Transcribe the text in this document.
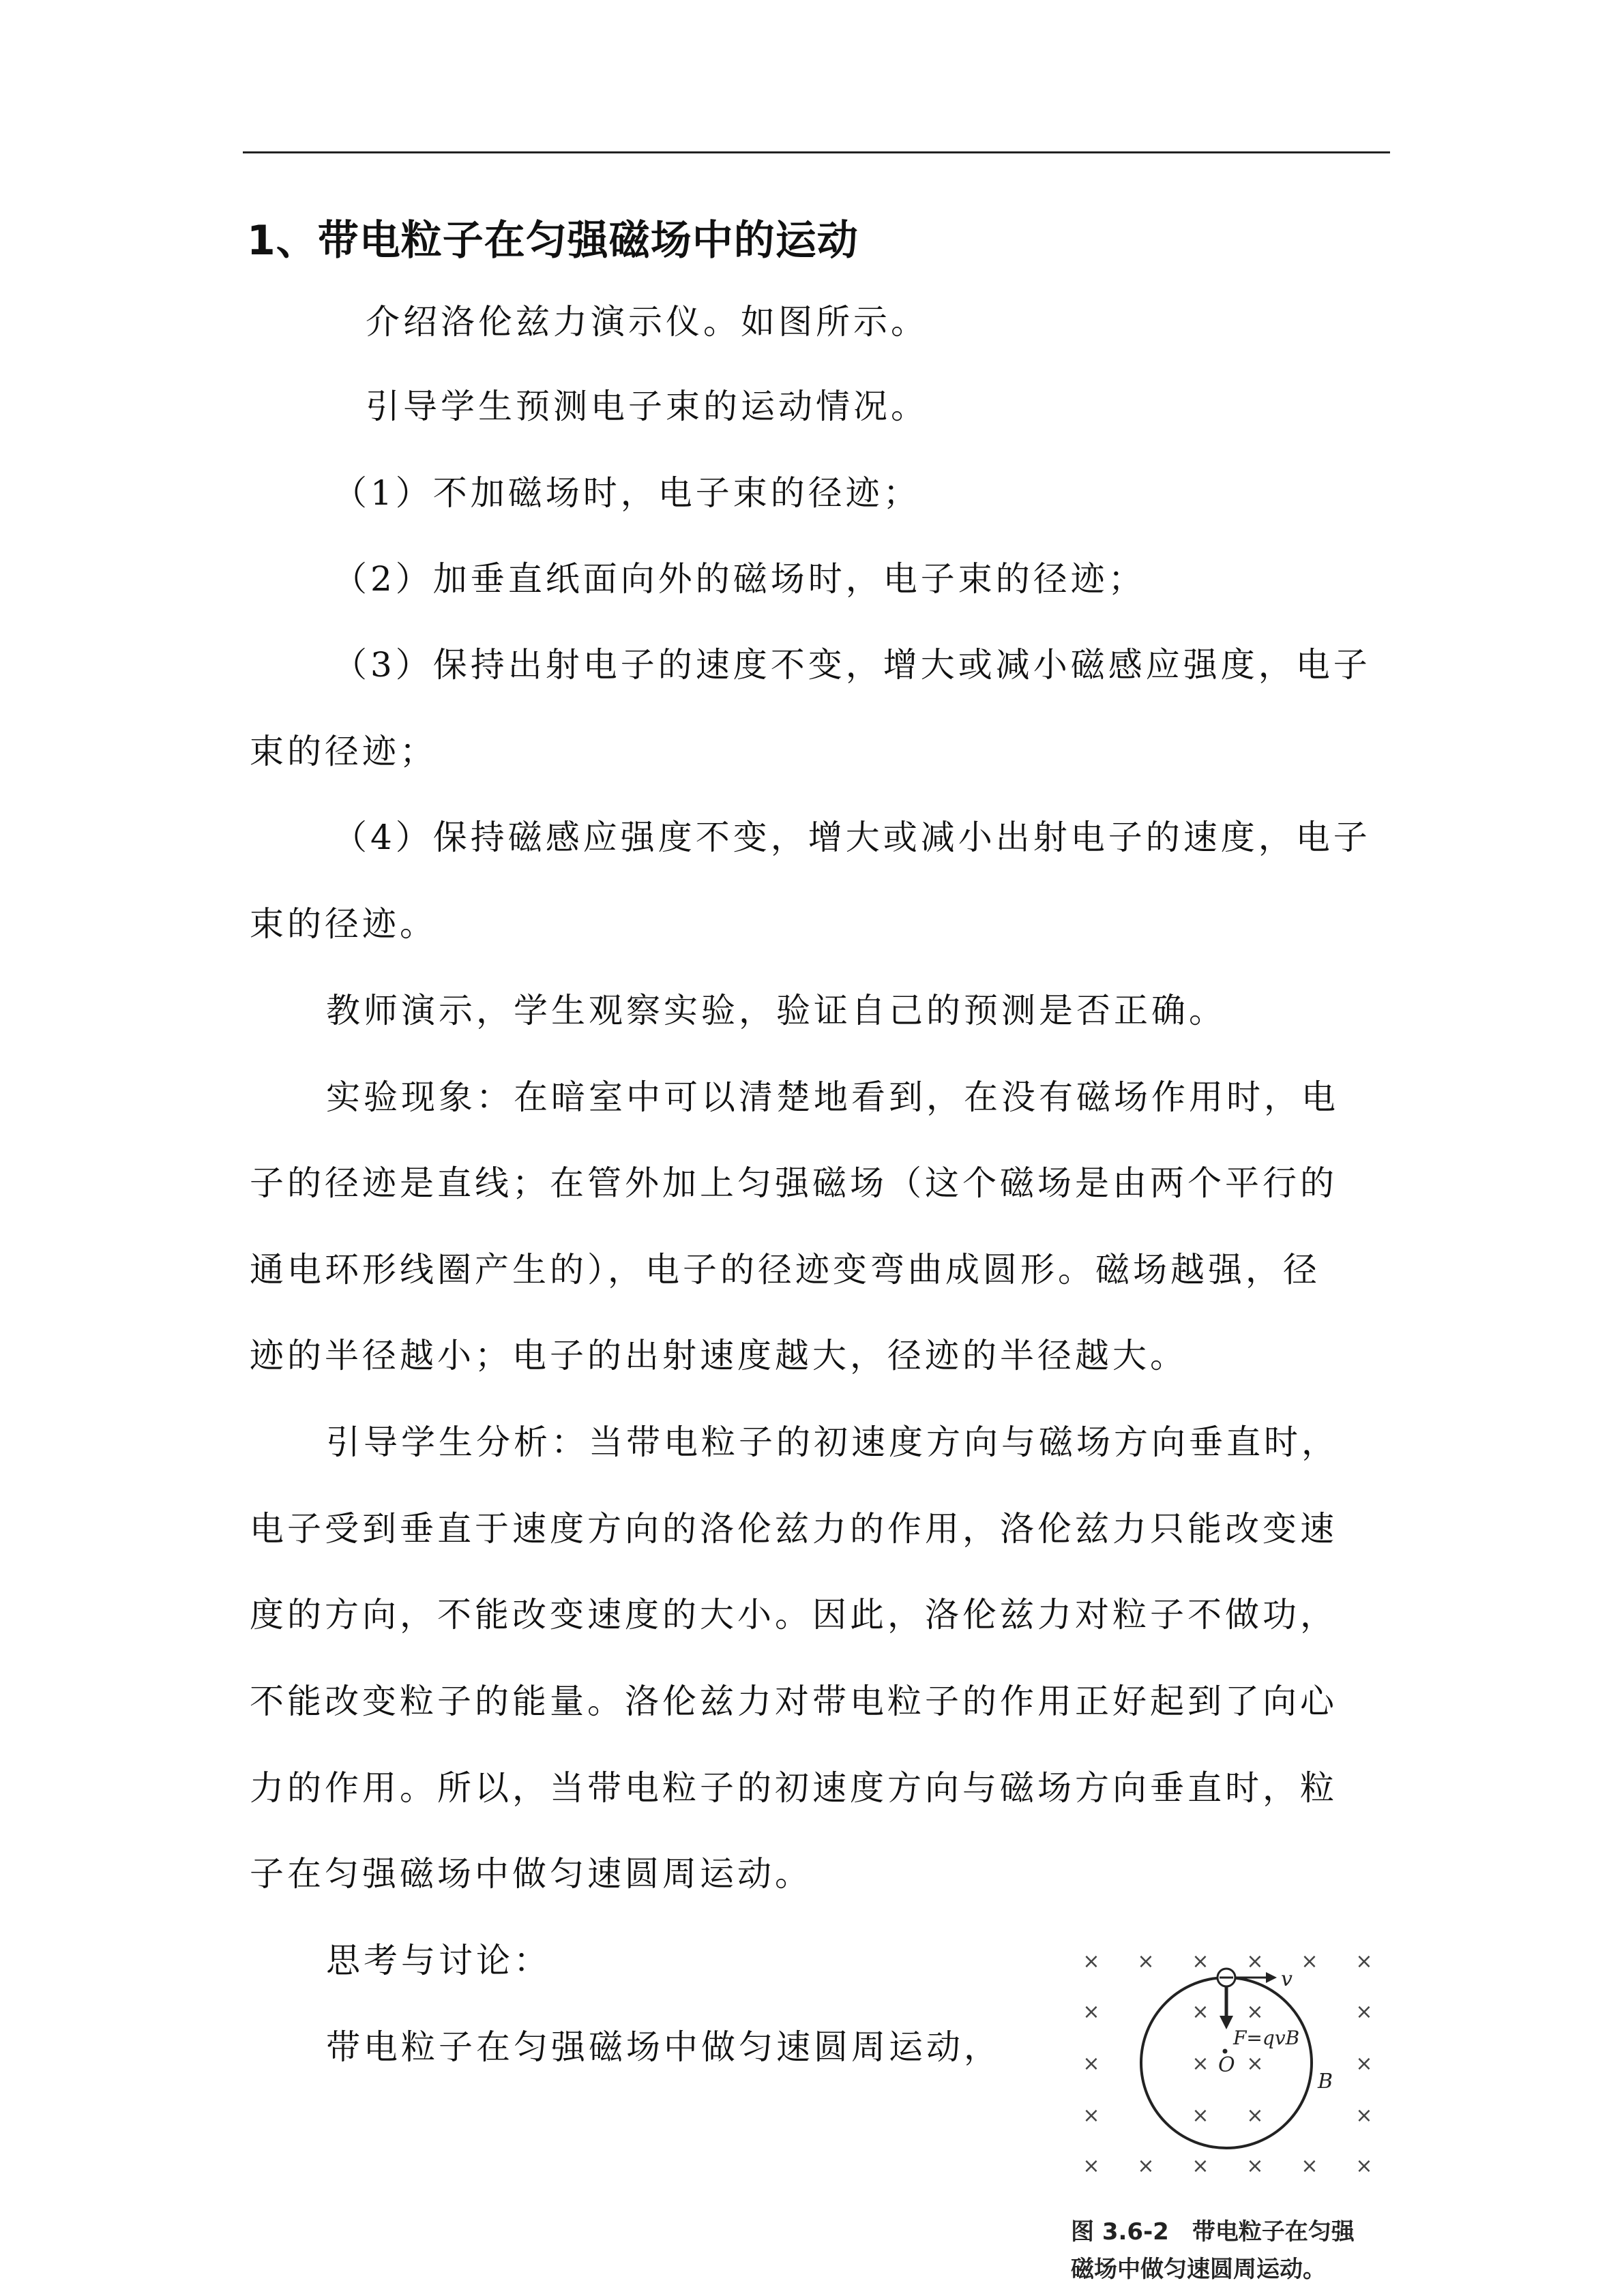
1、带电粒子在匀强磁场中的运动
介绍洛伦兹力演示仪。如图所示。
引导学生预测电子束的运动情况。
（1）不加磁场时，电子束的径迹；
（2）加垂直纸面向外的磁场时，电子束的径迹；
（3）保持出射电子的速度不变，增大或减小磁感应强度，电子
束的径迹；
（4）保持磁感应强度不变，增大或减小出射电子的速度，电子
束的径迹。
教师演示，学生观察实验，验证自己的预测是否正确。
实验现象：在暗室中可以清楚地看到，在没有磁场作用时，电
子的径迹是直线；在管外加上匀强磁场（这个磁场是由两个平行的
通电环形线圈产生的），电子的径迹变弯曲成圆形。磁场越强，径
迹的半径越小；电子的出射速度越大，径迹的半径越大。
引导学生分析：当带电粒子的初速度方向与磁场方向垂直时，
电子受到垂直于速度方向的洛伦兹力的作用，洛伦兹力只能改变速
度的方向，不能改变速度的大小。因此，洛伦兹力对粒子不做功，
不能改变粒子的能量。洛伦兹力对带电粒子的作用正好起到了向心
力的作用。所以，当带电粒子的初速度方向与磁场方向垂直时，粒
子在匀强磁场中做匀速圆周运动。
思考与讨论：
带电粒子在匀强磁场中做匀速圆周运动，
× × × × × ×
×	× ×	×
×	× ×	×
×	× ×	×
× × × × × ×
v
F=qvB
O
B
图 3.6-2　带电粒子在匀强
磁场中做匀速圆周运动。
